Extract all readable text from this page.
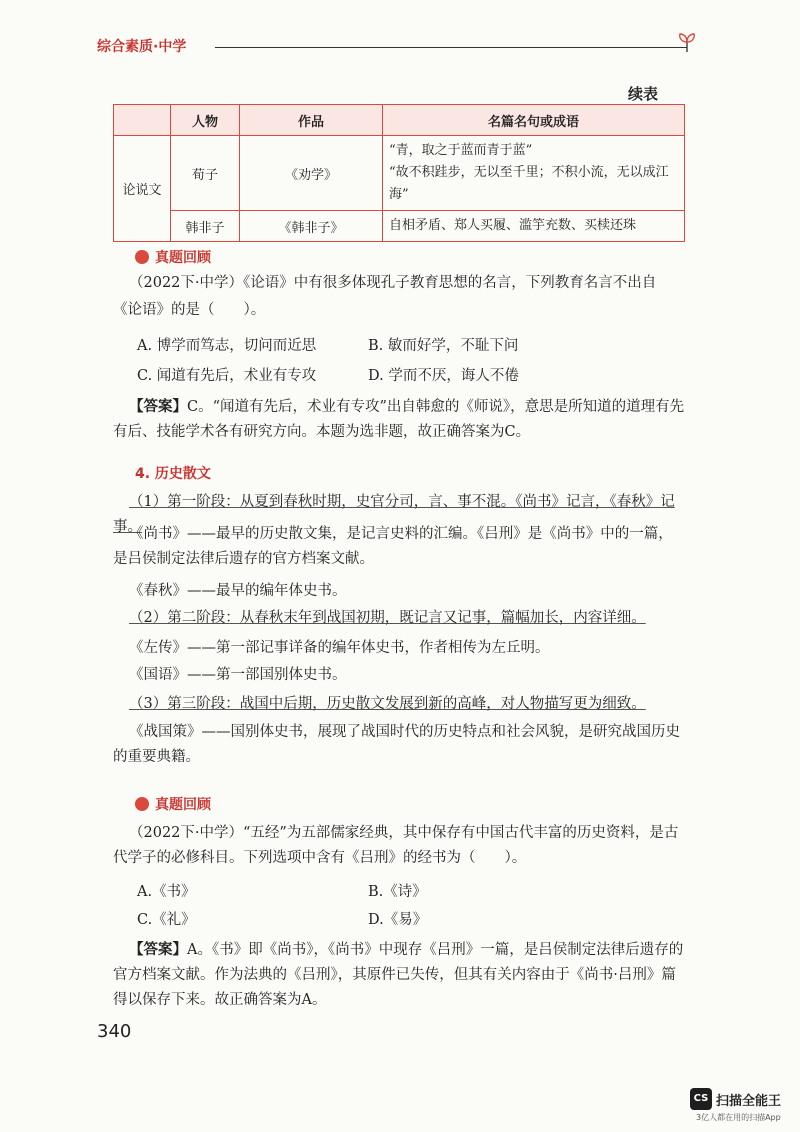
综合素质·中学
续表
	人物	作品	名篇名句或成语
论说文	荀子	《劝学》	“青，取之于蓝而青于蓝”
“故不积跬步，无以至千里；不积小流，无以成江海”

	韩非子	《韩非子》	自相矛盾、郑人买履、滥竽充数、买椟还珠
真题回顾
（2022下·中学）《论语》中有很多体现孔子教育思想的名言，下列教育名言不出自
《论语》的是（　　）。
A. 博学而笃志，切问而近思	B. 敏而好学，不耻下问
C. 闻道有先后，术业有专攻	D. 学而不厌，诲人不倦
【答案】C。“闻道有先后，术业有专攻”出自韩愈的《师说》，意思是所知道的道理有先有后、技能学术各有研究方向。本题为选非题，故正确答案为C。
4. 历史散文
（1）第一阶段：从夏到春秋时期，史官分司，言、事不混。《尚书》记言，《春秋》记事。
《尚书》——最早的历史散文集，是记言史料的汇编。《吕刑》是《尚书》中的一篇，是吕侯制定法律后遗存的官方档案文献。
《春秋》——最早的编年体史书。
（2）第二阶段：从春秋末年到战国初期，既记言又记事，篇幅加长，内容详细。
《左传》——第一部记事详备的编年体史书，作者相传为左丘明。
《国语》——第一部国别体史书。
（3）第三阶段：战国中后期，历史散文发展到新的高峰，对人物描写更为细致。
《战国策》——国别体史书，展现了战国时代的历史特点和社会风貌，是研究战国历史的重要典籍。
真题回顾
（2022下·中学）“五经”为五部儒家经典，其中保存有中国古代丰富的历史资料，是古代学子的必修科目。下列选项中含有《吕刑》的经书为（　　）。
A.《书》	B.《诗》
C.《礼》	D.《易》
【答案】A。《书》即《尚书》，《尚书》中现存《吕刑》一篇，是吕侯制定法律后遗存的官方档案文献。作为法典的《吕刑》，其原件已失传，但其有关内容由于《尚书·吕刑》篇得以保存下来。故正确答案为A。
340
CS 扫描全能王
3亿人都在用的扫描App
